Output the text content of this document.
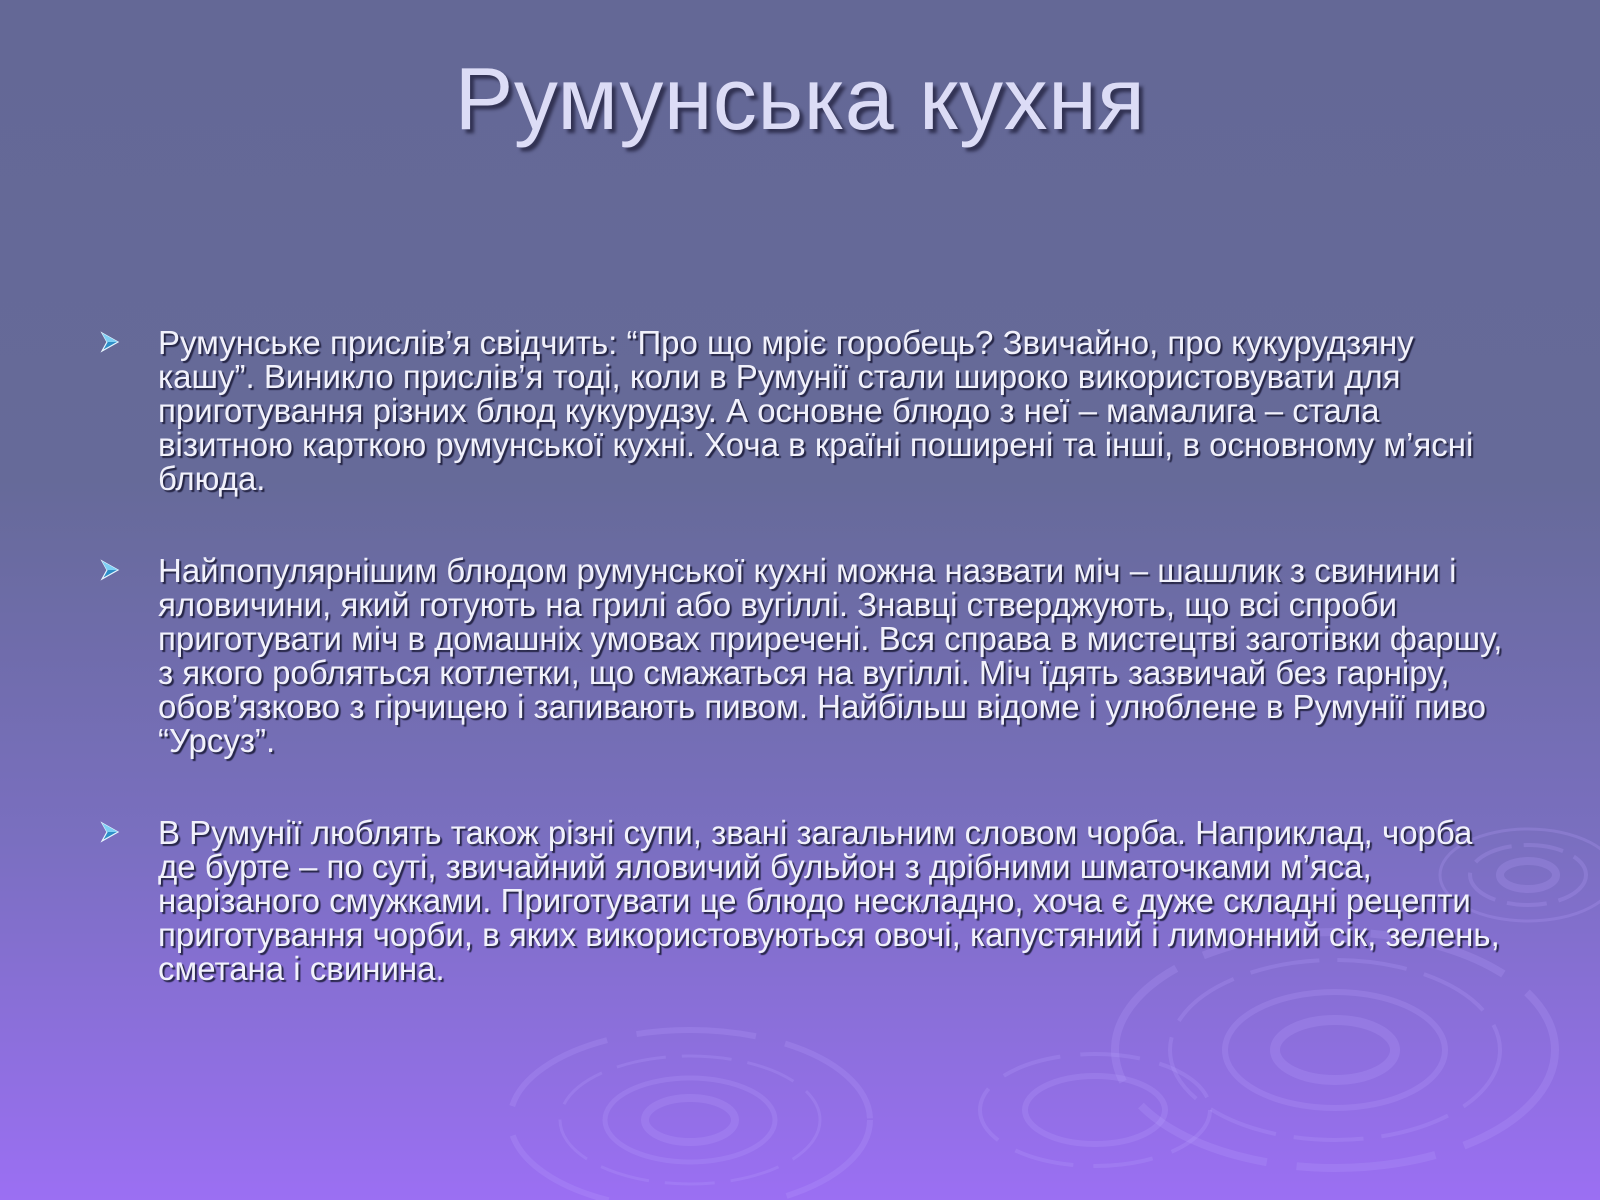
Румунська кухня
Румунське прислів’я свідчить: “Про що мріє горобець? Звичайно, про кукурудзяну кашу”. Виникло прислів’я тоді, коли в Румунії стали широко використовувати для приготування різних блюд кукурудзу. А основне блюдо з неї – мамалига – стала візитною карткою румунської кухні. Хоча в країні поширені та інші, в основному м’ясні блюда.
Найпопулярнішим блюдом румунської кухні можна назвати міч – шашлик з свинини і яловичини, який готують на грилі або вугіллі. Знавці стверджують, що всі спроби приготувати міч в домашніх умовах приречені. Вся справа в мистецтві заготівки фаршу, з якого робляться котлетки, що смажаться на вугіллі. Міч їдять зазвичай без гарніру, обов’язково з гірчицею і запивають пивом. Найбільш відоме і улюблене в Румунії пиво “Урсуз”.
В Румунії люблять також різні супи, звані загальним словом чорба. Наприклад, чорба де бурте – по суті, звичайний яловичий бульйон з дрібними шматочками м’яса, нарізаного смужками. Приготувати це блюдо нескладно, хоча є дуже складні рецепти приготування чорби, в яких використовуються овочі, капустяний і лимонний сік, зелень, сметана і свинина.
